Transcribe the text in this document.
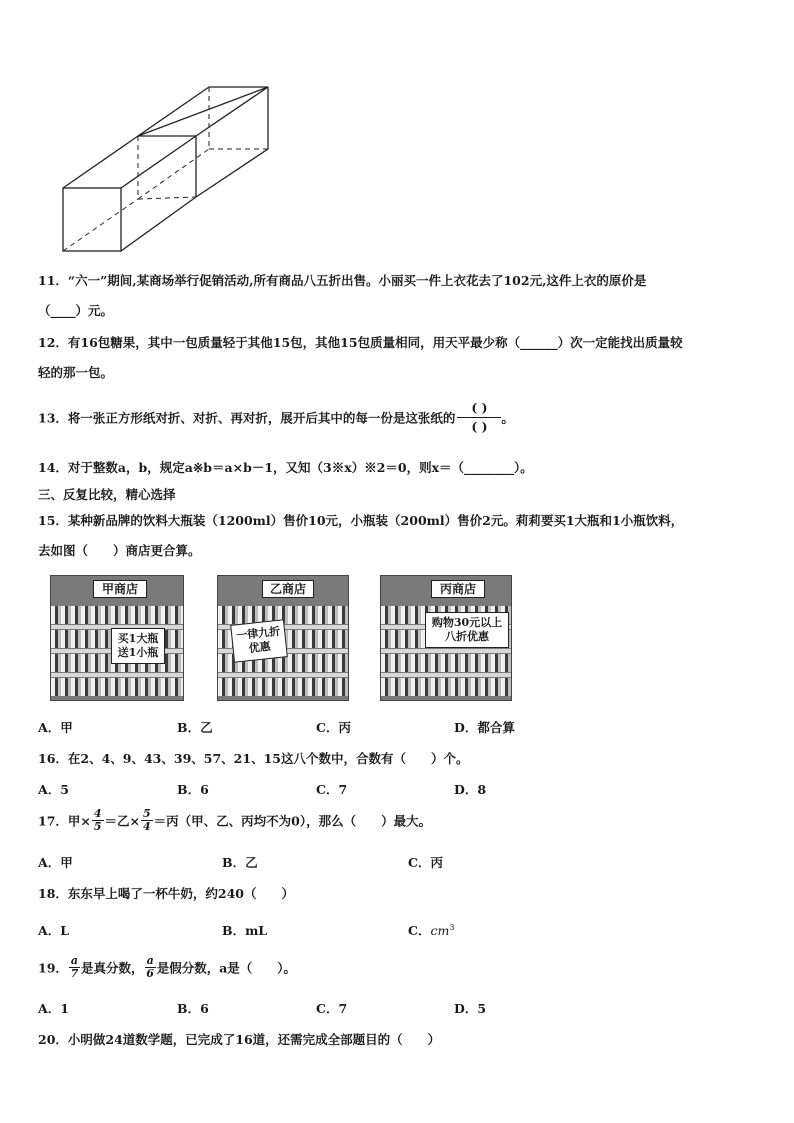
11．“六一”期间,某商场举行促销活动,所有商品八五折出售。小丽买一件上衣花去了102元,这件上衣的原价是
（____）元。
12．有16包糖果，其中一包质量轻于其他15包，其他15包质量相同，用天平最少称（______）次一定能找出质量较
轻的那一包。
13．将一张正方形纸对折、对折、再对折，展开后其中的每一份是这张纸的 $\frac{( )}{( )}$ 。
14．对于整数a，b，规定a※b＝a×b－1，又知（3※x）※2＝0，则x＝（________）。
三、反复比较，精心选择
15．某种新品牌的饮料大瓶装（1200ml）售价10元，小瓶装（200ml）售价2元。莉莉要买1大瓶和1小瓶饮料，
去如图（　　）商店更合算。
甲商店
买1大瓶送1小瓶
乙商店
一律九折优惠
丙商店
购物30元以上八折优惠
A．甲	B．乙	C．丙	D．都合算
16．在2、4、9、43、39、57、21、15这八个数中，合数有（　　）个。
A．5	B．6	C．7	D．8
17．甲× $\frac{4}{5}$ ＝乙× $\frac{5}{4}$ ＝丙（甲、乙、丙均不为0），那么（　　）最大。
A．甲	B．乙	C．丙
18．东东早上喝了一杯牛奶，约240（　　）
A．L	B．mL	C．$cm^3$
19． $\frac{a}{7}$ 是真分数， $\frac{a}{6}$ 是假分数，a是（　　）。
A．1	B．6	C．7	D．5
20．小明做24道数学题，已完成了16道，还需完成全部题目的（　　）
